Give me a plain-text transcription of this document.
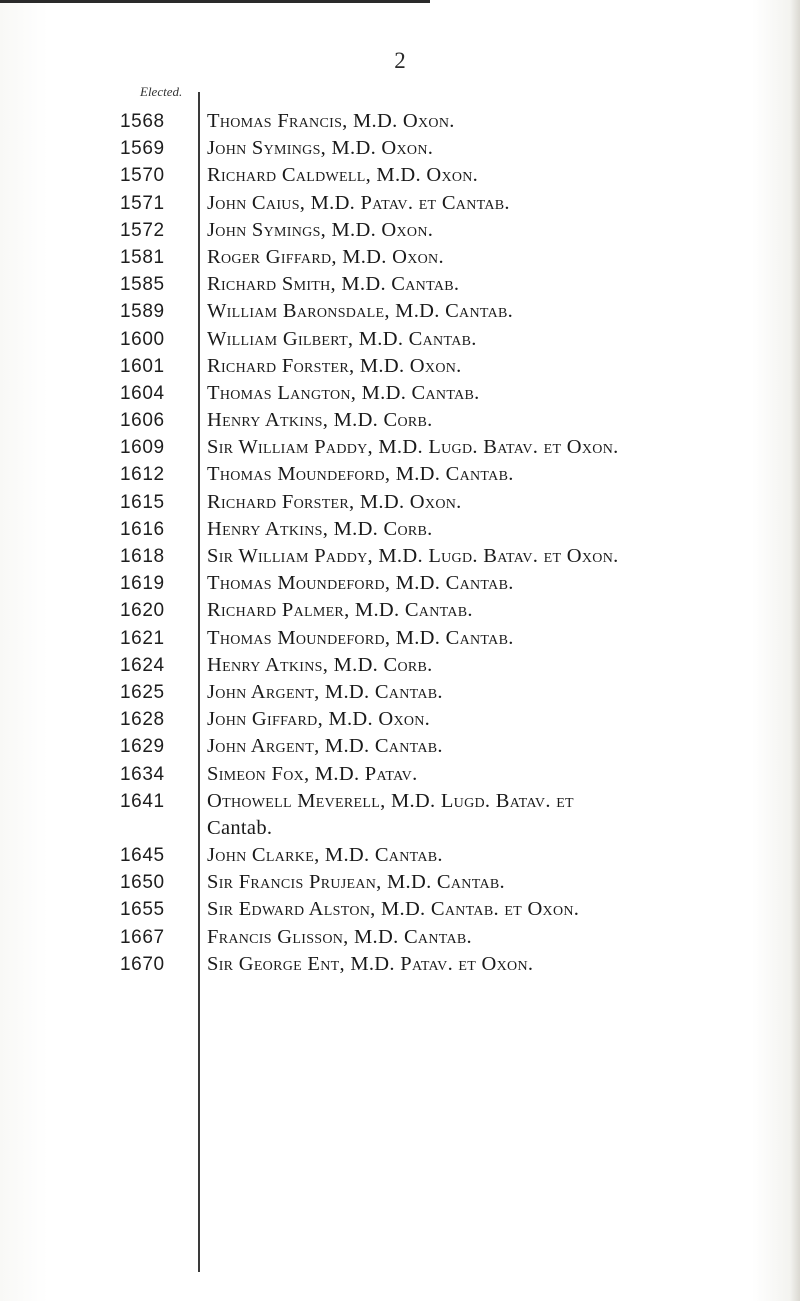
2
Elected.
1568	Thomas Francis, M.D. Oxon.
1569	John Symings, M.D. Oxon.
1570	Richard Caldwell, M.D. Oxon.
1571	John Caius, M.D. Patav. et Cantab.
1572	John Symings, M.D. Oxon.
1581	Roger Giffard, M.D. Oxon.
1585	Richard Smith, M.D. Cantab.
1589	William Baronsdale, M.D. Cantab.
1600	William Gilbert, M.D. Cantab.
1601	Richard Forster, M.D. Oxon.
1604	Thomas Langton, M.D. Cantab.
1606	Henry Atkins, M.D. Corb.
1609	Sir William Paddy, M.D. Lugd. Batav. et Oxon.
1612	Thomas Moundeford, M.D. Cantab.
1615	Richard Forster, M.D. Oxon.
1616	Henry Atkins, M.D. Corb.
1618	Sir William Paddy, M.D. Lugd. Batav. et Oxon.
1619	Thomas Moundeford, M.D. Cantab.
1620	Richard Palmer, M.D. Cantab.
1621	Thomas Moundeford, M.D. Cantab.
1624	Henry Atkins, M.D. Corb.
1625	John Argent, M.D. Cantab.
1628	John Giffard, M.D. Oxon.
1629	John Argent, M.D. Cantab.
1634	Simeon Fox, M.D. Patav.
1641	Othowell Meverell, M.D. Lugd. Batav. et
Cantab.
1645	John Clarke, M.D. Cantab.
1650	Sir Francis Prujean, M.D. Cantab.
1655	Sir Edward Alston, M.D. Cantab. et Oxon.
1667	Francis Glisson, M.D. Cantab.
1670	Sir George Ent, M.D. Patav. et Oxon.
